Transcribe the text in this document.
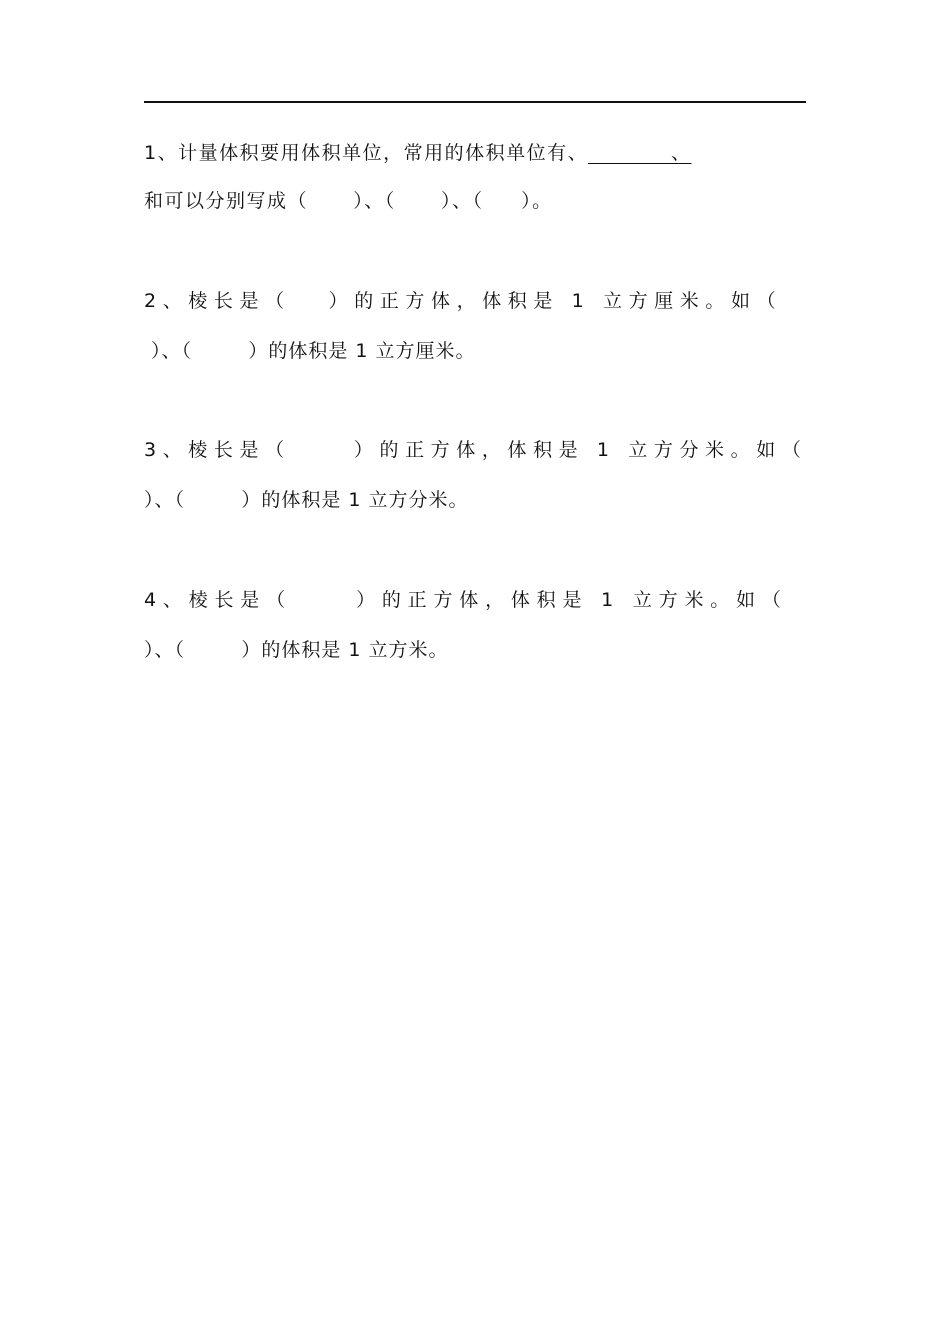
1、计量体积要用体积单位，常用的体积单位有、           、
和可以分别写成（      ）、（      ）、（     ）。
2、棱长是（   ）的正方体，体积是 1 立方厘米。如（
）、（        ）的体积是 1 立方厘米。
3、棱长是（     ）的正方体，体积是 1 立方分米。如（
）、（        ）的体积是 1 立方分米。
4、棱长是（     ）的正方体，体积是 1 立方米。如（
）、（        ）的体积是 1 立方米。
